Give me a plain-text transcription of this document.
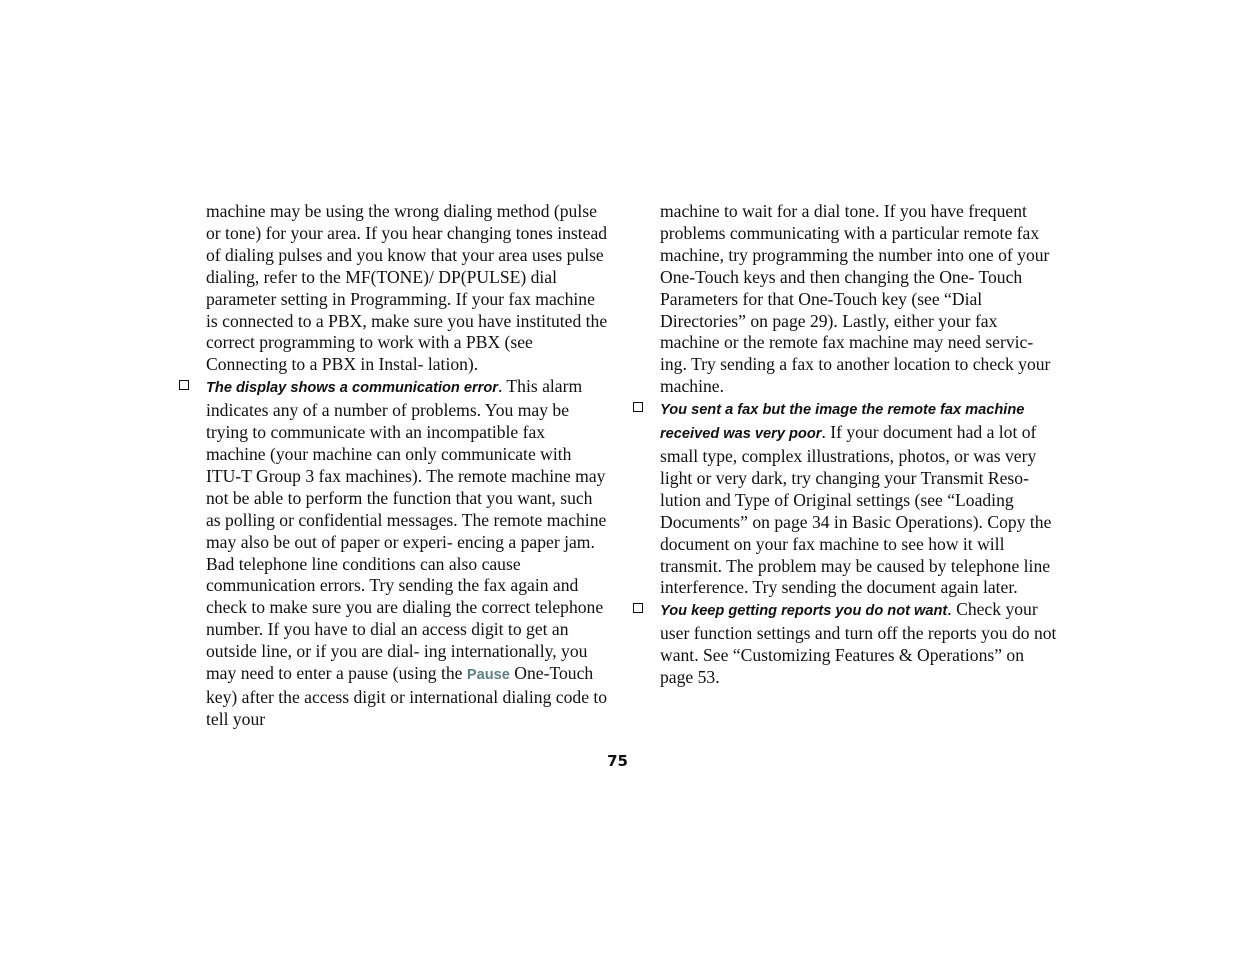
machine may be using the wrong dialing method (pulse or tone) for your area. If you hear changing tones instead of dialing pulses and you know that your area uses pulse dialing, refer to the MF(TONE)/ DP(PULSE) dial parameter setting in Programming. If your fax machine is connected to a PBX, make sure you have instituted the correct programming to work with a PBX (see Connecting to a PBX in Instal- lation).

The display shows a communication error. This alarm indicates any of a number of problems. You may be trying to communicate with an incompatible fax machine (your machine can only communicate with ITU-T Group 3 fax machines). The remote machine may not be able to perform the function that you want, such as polling or confidential messages. The remote machine may also be out of paper or experi- encing a paper jam. Bad telephone line conditions can also cause communication errors. Try sending the fax again and check to make sure you are dialing the correct telephone number. If you have to dial an access digit to get an outside line, or if you are dial- ing internationally, you may need to enter a pause (using the Pause One-Touch key) after the access digit or international dialing code to tell your

machine to wait for a dial tone. If you have frequent problems communicating with a particular remote fax machine, try programming the number into one of your One-Touch keys and then changing the One- Touch Parameters for that One-Touch key (see “Dial Directories” on page 29). Lastly, either your fax machine or the remote fax machine may need servic- ing. Try sending a fax to another location to check your machine.

You sent a fax but the image the remote fax machine received was very poor. If your document had a lot of small type, complex illustrations, photos, or was very light or very dark, try changing your Transmit Reso- lution and Type of Original settings (see “Loading Documents” on page 34 in Basic Operations). Copy the document on your fax machine to see how it will transmit. The problem may be caused by telephone line interference. Try sending the document again later.

You keep getting reports you do not want. Check your user function settings and turn off the reports you do not want. See “Customizing Features & Operations” on page 53.

75
